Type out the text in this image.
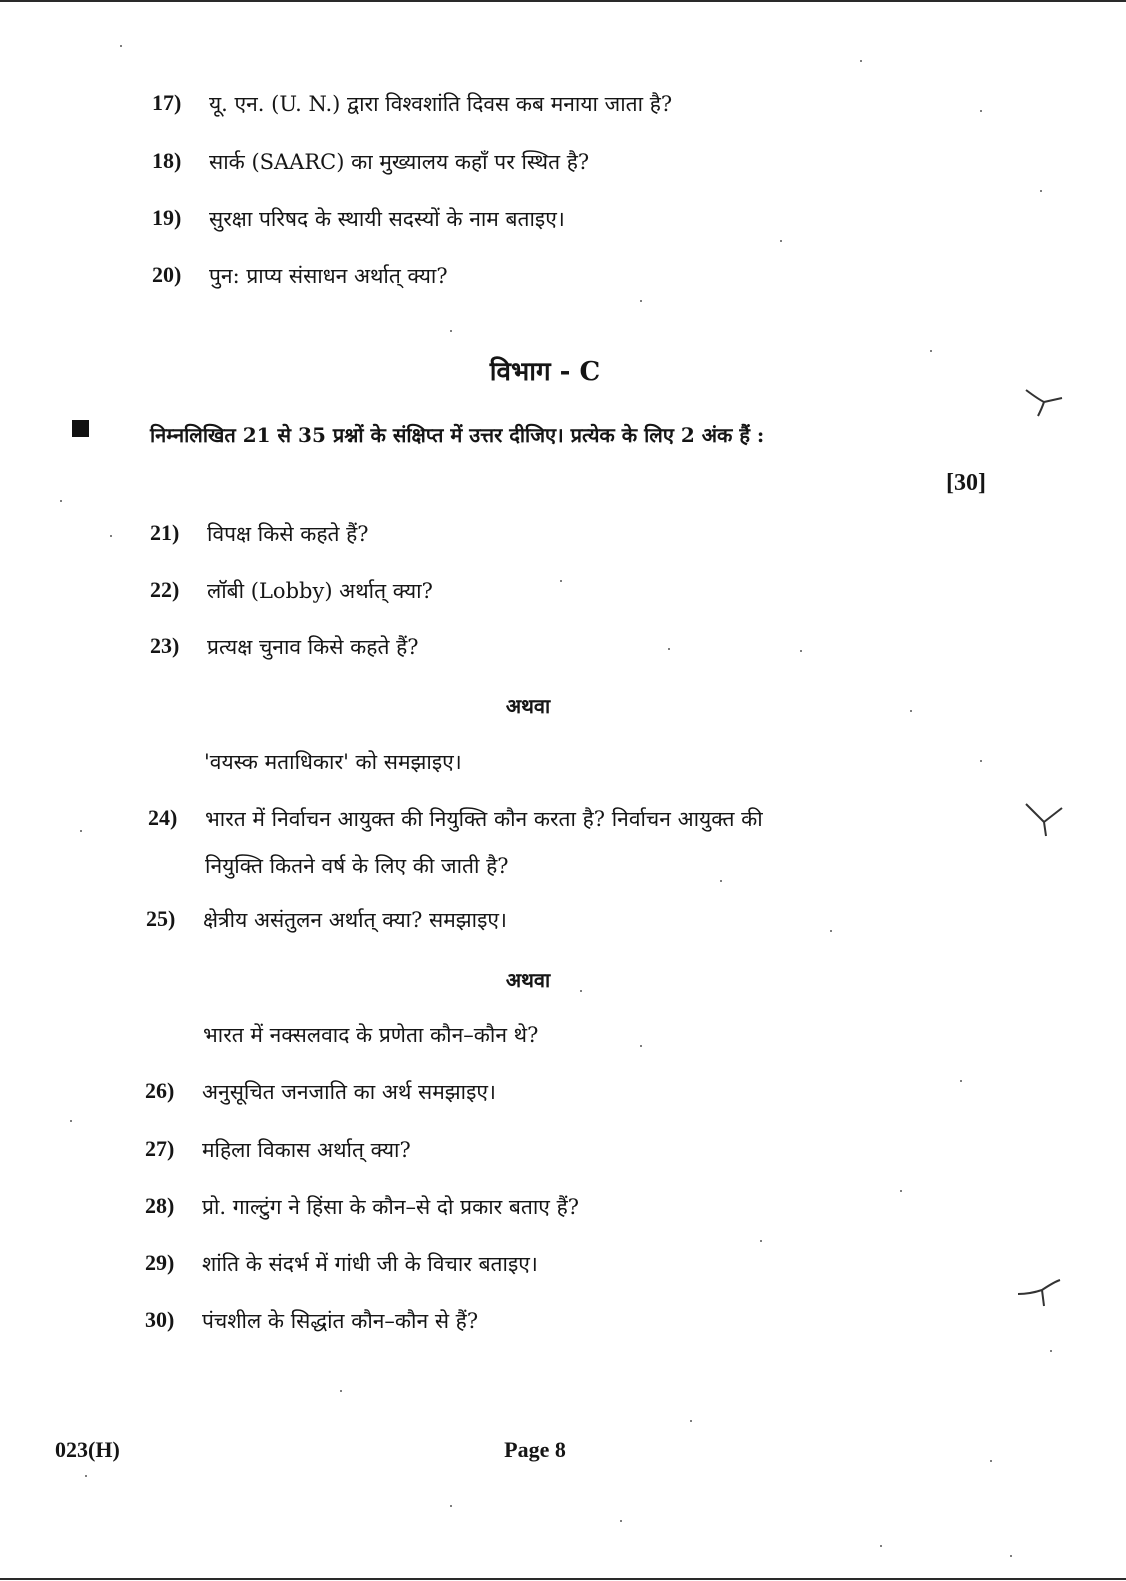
17) यू. एन. (U. N.) द्वारा विश्वशांति दिवस कब मनाया जाता है?
18) सार्क (SAARC) का मुख्यालय कहाँ पर स्थित है?
19) सुरक्षा परिषद के स्थायी सदस्यों के नाम बताइए।
20) पुन: प्राप्य संसाधन अर्थात् क्या?
विभाग - C
निम्नलिखित 21 से 35 प्रश्नों के संक्षिप्त में उत्तर दीजिए। प्रत्येक के लिए 2 अंक हैं :
[30]
21) विपक्ष किसे कहते हैं?
22) लॉबी (Lobby) अर्थात् क्या?
23) प्रत्यक्ष चुनाव किसे कहते हैं?
अथवा
'वयस्क मताधिकार' को समझाइए।
24) भारत में निर्वाचन आयुक्त की नियुक्ति कौन करता है? निर्वाचन आयुक्त की
नियुक्ति कितने वर्ष के लिए की जाती है?
25) क्षेत्रीय असंतुलन अर्थात् क्या? समझाइए।
अथवा
भारत में नक्सलवाद के प्रणेता कौन–कौन थे?
26) अनुसूचित जनजाति का अर्थ समझाइए।
27) महिला विकास अर्थात् क्या?
28) प्रो. गाल्टुंग ने हिंसा के कौन–से दो प्रकार बताए हैं?
29) शांति के संदर्भ में गांधी जी के विचार बताइए।
30) पंचशील के सिद्धांत कौन–कौन से हैं?
023(H)	Page 8
